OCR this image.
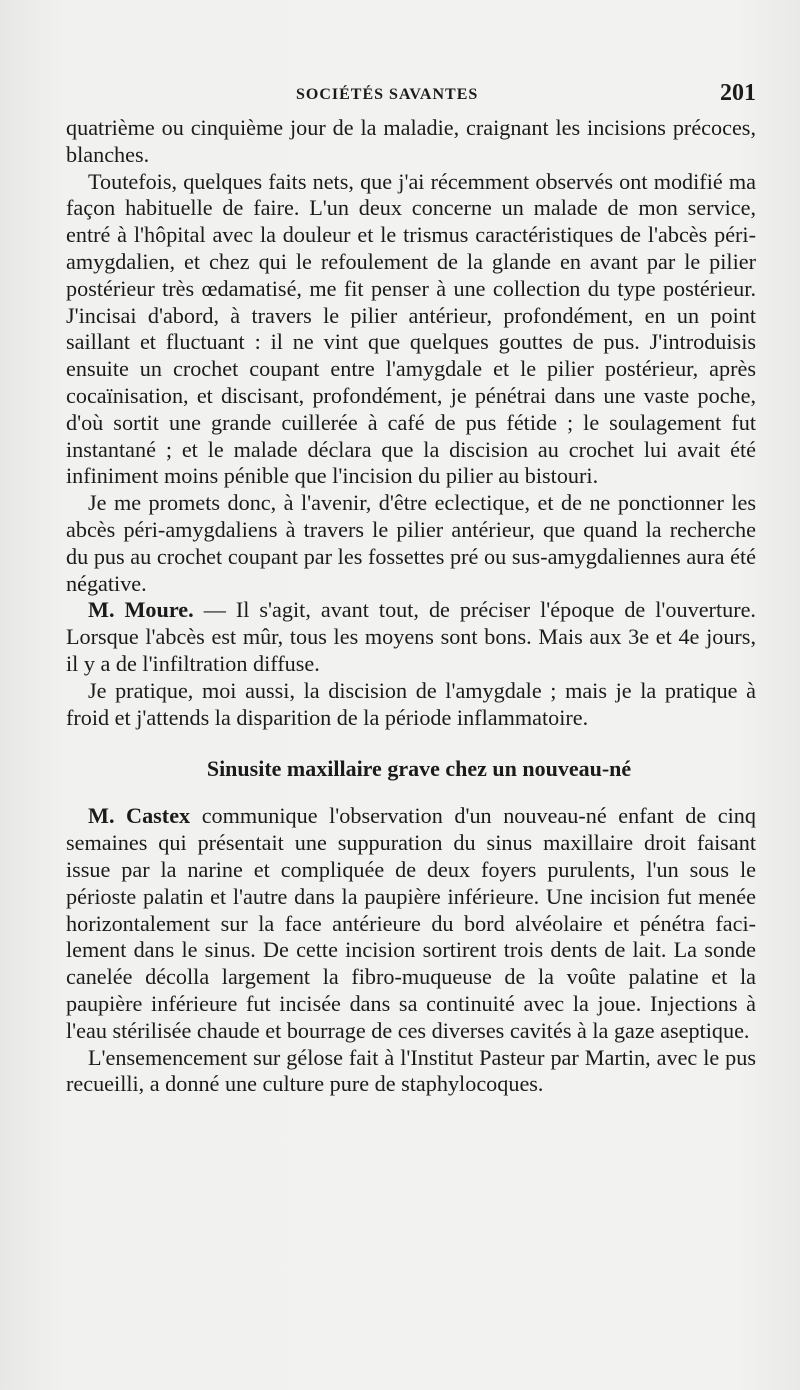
SOCIÉTÉS SAVANTES	201

quatrième ou cinquième jour de la maladie, craignant les incisions précoces, blanches.

Toutefois, quelques faits nets, que j'ai récemment observés ont modifié ma façon habituelle de faire. L'un deux concerne un malade de mon service, entré à l'hôpital avec la douleur et le trismus caractéristiques de l'abcès péri-amygdalien, et chez qui le refoulement de la glande en avant par le pilier postérieur très œdamatisé, me fit penser à une collection du type postérieur. J'incisai d'abord, à travers le pilier antérieur, profondément, en un point saillant et fluctuant : il ne vint que quelques gouttes de pus. J'introduisis ensuite un crochet coupant entre l'amygdale et le pilier postérieur, après cocaïnisation, et discisant, profondément, je pénétrai dans une vaste poche, d'où sortit une grande cuillerée à café de pus fétide ; le soulagement fut instantané ; et le malade déclara que la discision au crochet lui avait été infiniment moins pénible que l'incision du pilier au bistouri.

Je me promets donc, à l'avenir, d'être eclectique, et de ne ponctionner les abcès péri-amygdaliens à travers le pilier antérieur, que quand la recherche du pus au crochet coupant par les fossettes pré ou sus-amygdaliennes aura été négative.

M. Moure. — Il s'agit, avant tout, de préciser l'époque de l'ouverture. Lorsque l'abcès est mûr, tous les moyens sont bons. Mais aux 3e et 4e jours, il y a de l'infiltration diffuse.

Je pratique, moi aussi, la discision de l'amygdale ; mais je la pratique à froid et j'attends la disparition de la période inflammatoire.

Sinusite maxillaire grave chez un nouveau-né

M. Castex communique l'observation d'un nouveau-né enfant de cinq semaines qui présentait une suppuration du sinus maxillaire droit faisant issue par la narine et compliquée de deux foyers purulents, l'un sous le périoste palatin et l'autre dans la paupière inférieure. Une incision fut menée horizontalement sur la face antérieure du bord alvéolaire et pénétra facilement dans le sinus. De cette incision sortirent trois dents de lait. La sonde canelée décolla largement la fibro-muqueuse de la voûte palatine et la paupière inférieure fut incisée dans sa continuité avec la joue. Injections à l'eau stérilisée chaude et bourrage de ces diverses cavités à la gaze aseptique.

L'ensemencement sur gélose fait à l'Institut Pasteur par Martin, avec le pus recueilli, a donné une culture pure de staphylocoques.
